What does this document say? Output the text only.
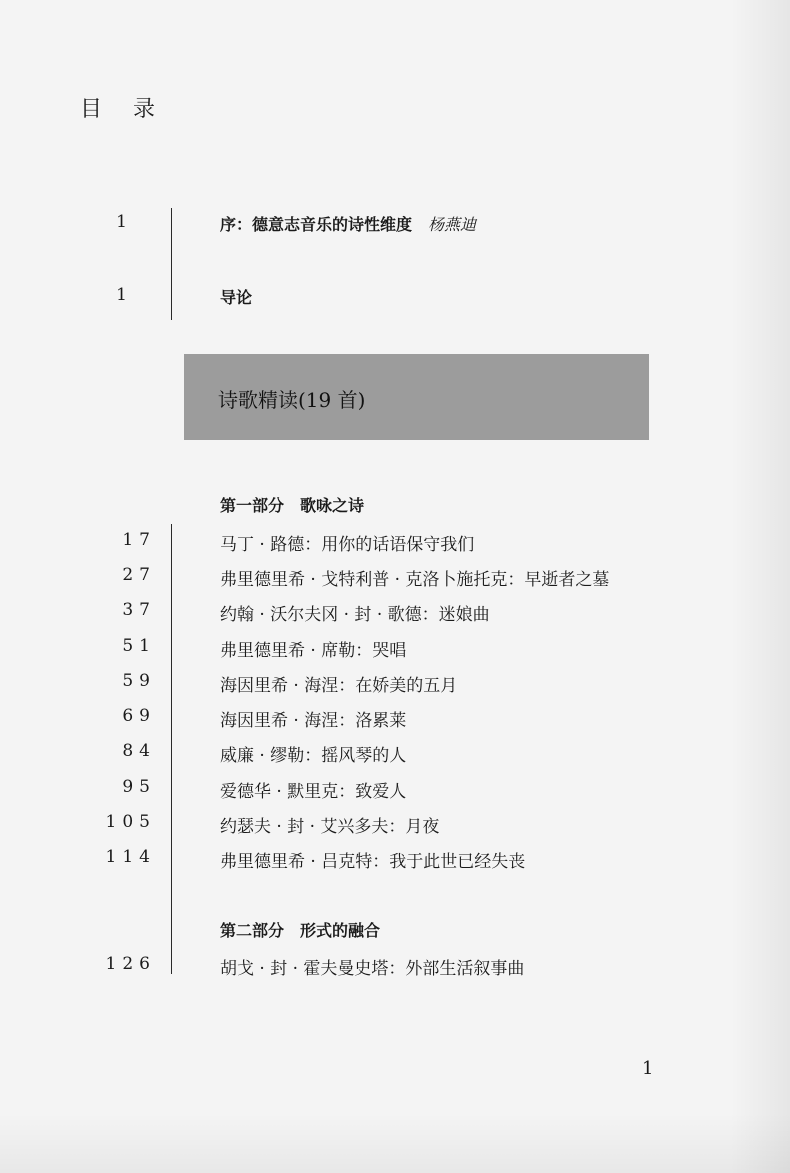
目 录
1	序：德意志音乐的诗性维度 杨燕迪
1	导论
诗歌精读(19 首)
第一部分 歌咏之诗
17	马丁 · 路德：用你的话语保守我们
27	弗里德里希 · 戈特利普 · 克洛卜施托克：早逝者之墓
37	约翰 · 沃尔夫冈 · 封 · 歌德：迷娘曲
51	弗里德里希 · 席勒：哭唱
59	海因里希 · 海涅：在娇美的五月
69	海因里希 · 海涅：洛累莱
84	威廉 · 缪勒：摇风琴的人
95	爱德华 · 默里克：致爱人
105	约瑟夫 · 封 · 艾兴多夫：月夜
114	弗里德里希 · 吕克特：我于此世已经失丧
第二部分 形式的融合
126	胡戈 · 封 · 霍夫曼史塔：外部生活叙事曲
1
